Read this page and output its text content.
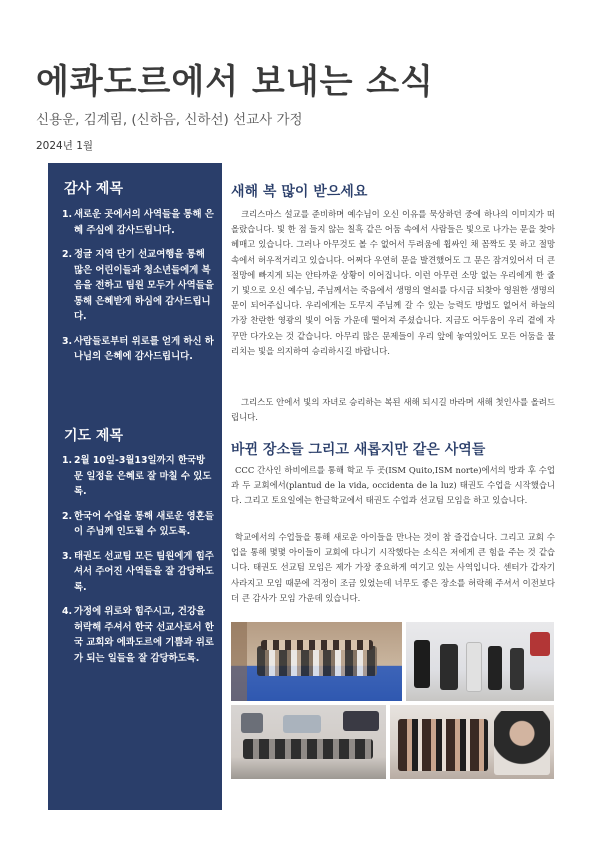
에콰도르에서 보내는 소식
신용운, 김계림, (신하음, 신하선) 선교사 가정
2024년 1월
감사 제목
1. 새로운 곳에서의 사역들을 통해 은혜 주심에 감사드립니다.
2. 정글 지역 단기 선교여행을 통해 많은 어린이들과 청소년들에게 복음을 전하고 팀원 모두가 사역들을 통해 은혜받게 하심에 감사드립니다.
3. 사람들로부터 위로를 얻게 하신 하나님의 은혜에 감사드립니다.
기도 제목
1. 2월 10일-3월13일까지 한국방문 일정을 은혜로 잘 마칠 수 있도록.
2. 한국어 수업을 통해 새로운 영혼들이 주님께 인도될 수 있도록.
3. 태권도 선교팀 모든 팀원에게 힘주셔서 주어진 사역들을 잘 감당하도록.
4. 가정에 위로와 힘주시고, 건강을 허락해 주셔서 한국 선교사로서 한국 교회와 에콰도르에 기쁨과 위로가 되는 일들을 잘 감당하도록.
새해 복 많이 받으세요

크리스마스 설교를 준비하며 예수님이 오신 이유를 묵상하던 중에 하나의 이미지가 떠올랐습니다. 빛 한 점 들지 않는 칠흑 같은 어둠 속에서 사람들은 빛으로 나가는 문을 찾아 헤매고 있습니다. 그러나 아무것도 볼 수 없어서 두려움에 휩싸인 채 꼼짝도 못 하고 절망 속에서 허우적거리고 있습니다. 어쩌다 우연히 문을 발견했어도 그 문은 잠겨있어서 더 큰 절망에 빠지게 되는 안타까운 상황이 이어집니다. 이런 아무런 소망 없는 우리에게 한 줄기 빛으로 오신 예수님, 주님께서는 죽음에서 생명의 열쇠를 다시금 되찾아 영원한 생명의 문이 되어주십니다. 우리에게는 도무지 주님께 갈 수 있는 능력도 방법도 없어서 하늘의 가장 찬란한 영광의 빛이 어둠 가운데 떨어져 주셨습니다. 지금도 어두움이 우리 곁에 자꾸만 다가오는 것 같습니다. 아무리 많은 문제들이 우리 앞에 놓여있어도 모든 어둠을 물리치는 빛을 의지하여 승리하시길 바랍니다.

그리스도 안에서 빛의 자녀로 승리하는 복된 새해 되시길 바라며 새해 첫인사를 올려드립니다.

바뀐 장소들 그리고 새롭지만 같은 사역들

CCC 간사인 하비에르를 통해 학교 두 곳(ISM Quito,ISM norte)에서의 방과 후 수업과 두 교회에서(plantud de la vida, occidenta de la luz) 태권도 수업을 시작했습니다. 그리고 토요일에는 한글학교에서 태권도 수업과 선교팀 모임을 하고 있습니다.

학교에서의 수업들을 통해 새로운 아이들을 만나는 것이 참 즐겁습니다. 그리고 교회 수업을 통해 몇몇 아이들이 교회에 다니기 시작했다는 소식은 저에게 큰 힘을 주는 것 같습니다. 태권도 선교팀 모임은 제가 가장 중요하게 여기고 있는 사역입니다. 센터가 갑자기 사라지고 모임 때문에 걱정이 조금 있었는데 너무도 좋은 장소를 허락해 주셔서 이전보다 더 큰 감사가 모임 가운데 있습니다.
